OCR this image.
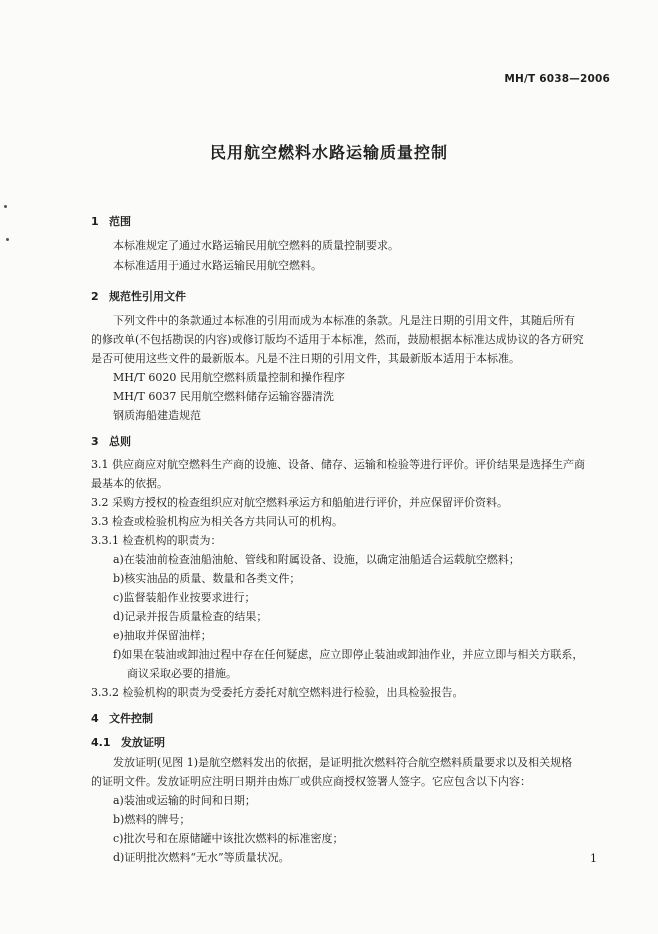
MH/T 6038—2006
民用航空燃料水路运输质量控制
1 范围
本标准规定了通过水路运输民用航空燃料的质量控制要求。
本标准适用于通过水路运输民用航空燃料。
2 规范性引用文件
下列文件中的条款通过本标准的引用而成为本标准的条款。凡是注日期的引用文件，其随后所有
的修改单(不包括勘误的内容)或修订版均不适用于本标准，然而，鼓励根据本标准达成协议的各方研究
是否可使用这些文件的最新版本。凡是不注日期的引用文件，其最新版本适用于本标准。
MH/T 6020 民用航空燃料质量控制和操作程序
MH/T 6037 民用航空燃料储存运输容器清洗
钢质海船建造规范
3 总则
3.1 供应商应对航空燃料生产商的设施、设备、储存、运输和检验等进行评价。评价结果是选择生产商
最基本的依据。
3.2 采购方授权的检查组织应对航空燃料承运方和船舶进行评价，并应保留评价资料。
3.3 检查或检验机构应为相关各方共同认可的机构。
3.3.1 检查机构的职责为：
a)在装油前检查油船油舱、管线和附属设备、设施，以确定油船适合运载航空燃料；
b)核实油品的质量、数量和各类文件；
c)监督装船作业按要求进行；
d)记录并报告质量检查的结果；
e)抽取并保留油样；
f)如果在装油或卸油过程中存在任何疑虑，应立即停止装油或卸油作业，并应立即与相关方联系，
商议采取必要的措施。
3.3.2 检验机构的职责为受委托方委托对航空燃料进行检验，出具检验报告。
4 文件控制
4.1 发放证明
发放证明(见图 1)是航空燃料发出的依据，是证明批次燃料符合航空燃料质量要求以及相关规格
的证明文件。发放证明应注明日期并由炼厂或供应商授权签署人签字。它应包含以下内容：
a)装油或运输的时间和日期；
b)燃料的牌号；
c)批次号和在原储罐中该批次燃料的标准密度；
d)证明批次燃料“无水”等质量状况。	1
